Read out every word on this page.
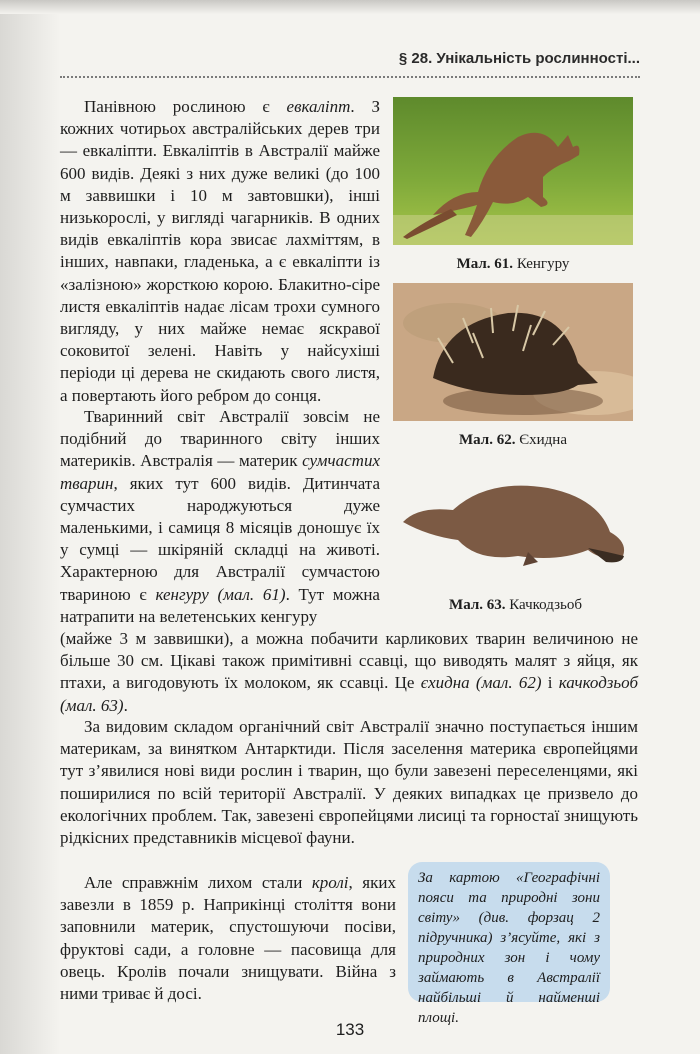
§ 28. Унікальність рослинності...

Панівною рослиною є евкаліпт. З кожних чотирьох австралійських дерев три — евкаліпти. Евкаліптів в Австралії майже 600 видів. Деякі з них дуже великі (до 100 м заввишки і 10 м завтовшки), інші низькорослі, у вигляді чагарників. В одних видів евкаліптів кора звисає лахміттям, в інших, навпаки, гладенька, а є евкаліпти із «залізною» жорсткою корою. Блакитно-сіре листя евкаліптів надає лісам трохи сумного вигляду, у них майже немає яскравої соковитої зелені. Навіть у найсухіші періоди ці дерева не скидають свого листя, а повертають його ребром до сонця.

Тваринний світ Австралії зовсім не подібний до тваринного світу інших материків. Австралія — материк сумчастих тварин, яких тут 600 видів. Дитинчата сумчастих народжуються дуже маленькими, і самиця 8 місяців доношує їх у сумці — шкіряній складці на животі. Характерною для Австралії сумчастою твариною є кенгуру (мал. 61). Тут можна натрапити на велетенських кенгуру

(майже 3 м заввишки), а можна побачити карликових тварин величиною не більше 30 см. Цікаві також примітивні ссавці, що виводять малят з яйця, як птахи, а вигодовують їх молоком, як ссавці. Це єхидна (мал. 62) і качкодзьоб (мал. 63).

За видовим складом органічний світ Австралії значно поступається іншим материкам, за винятком Антарктиди. Після заселення материка європейцями тут з’явилися нові види рослин і тварин, що були завезені переселенцями, які поширилися по всій території Австралії. У деяких випадках це призвело до екологічних проблем. Так, завезені європейцями лисиці та горностаї знищують рідкісних представників місцевої фауни.

Але справжнім лихом стали кролі, яких завезли в 1859 р. Наприкінці століття вони заповнили материк, спустошуючи посіви, фруктові сади, а головне — пасовища для овець. Кролів почали знищувати. Війна з ними триває й досі.

Мал. 61. Кенгуру
Мал. 62. Єхидна
Мал. 63. Качкодзьоб

За картою «Географічні пояси та природні зони світу» (див. форзац 2 підручника) з’ясуйте, які з природних зон і чому займають в Австралії найбільші й найменші площі.

133
